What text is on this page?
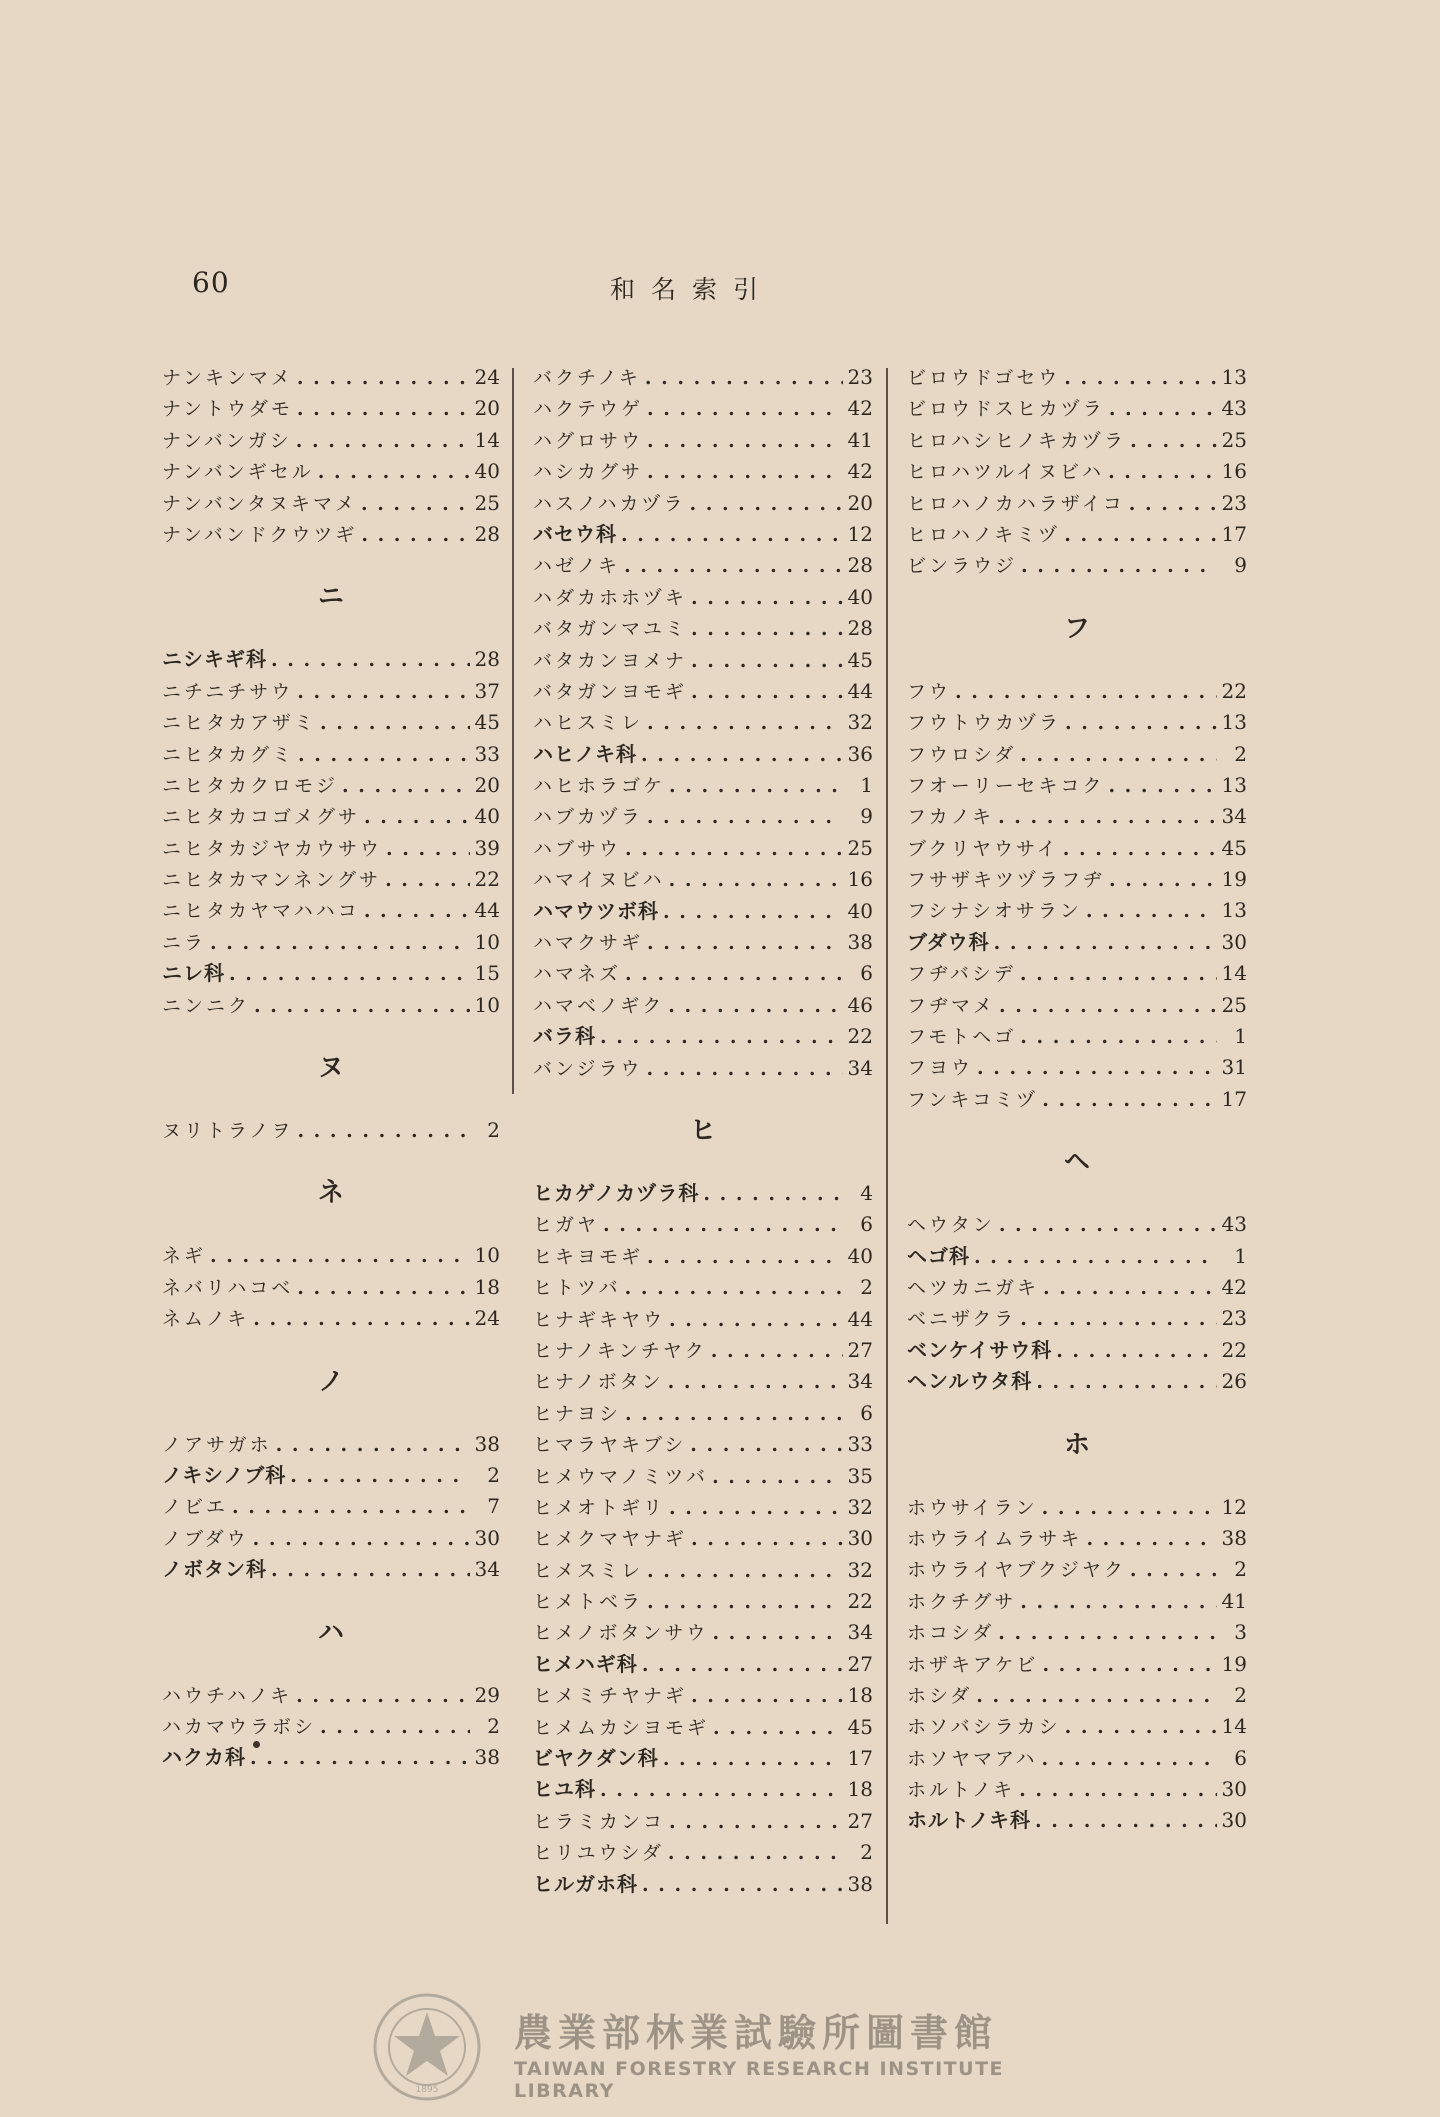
60	和名索引
ナンキンマメ . . .	24
ナントウダモ . . .	20
ナンバンガシ . . .	14
ナンバンギセル . . .	40
ナンバンタヌキマメ . . .	25
ナンバンドクウツギ . . .	28
ニ
ニシキギ科 . . .	28
ニチニチサウ . . .	37
ニヒタカアザミ . . .	45
ニヒタカグミ . . .	33
ニヒタカクロモジ . . .	20
ニヒタカコゴメグサ . . .	40
ニヒタカジヤカウサウ . . .	39
ニヒタカマンネングサ . . .	22
ニヒタカヤマハハコ . . .	44
ニラ . . .	10
ニレ科 . . .	15
ニンニク . . .	10
ヌ
ヌリトラノヲ . . .	2
ネ
ネギ . . .	10
ネバリハコベ . . .	18
ネムノキ . . .	24
ノ
ノアサガホ . . .	38
ノキシノブ科 . . .	2
ノビエ . . .	7
ノブダウ . . .	30
ノボタン科 . . .	34
ハ
ハウチハノキ . . .	29
ハカマウラボシ . . .	2
ハクカ科 . . .	38
バクチノキ . . .	23
ハクテウゲ . . .	42
ハグロサウ . . .	41
ハシカグサ . . .	42
ハスノハカヅラ . . .	20
バセウ科 . . .	12
ハゼノキ . . .	28
ハダカホホヅキ . . .	40
バタガンマユミ . . .	28
バタカンヨメナ . . .	45
バタガンヨモギ . . .	44
ハヒスミレ . . .	32
ハヒノキ科 . . .	36
ハヒホラゴケ . . .	1
ハブカヅラ . . .	9
ハブサウ . . .	25
ハマイヌビハ . . .	16
ハマウツボ科 . . .	40
ハマクサギ . . .	38
ハマネズ . . .	6
ハマベノギク . . .	46
バラ科 . . .	22
バンジラウ . . .	34
ヒ
ヒカゲノカヅラ科 . . .	4
ヒガヤ . . .	6
ヒキヨモギ . . .	40
ヒトツバ . . .	2
ヒナギキヤウ . . .	44
ヒナノキンチヤク . . .	27
ヒナノボタン . . .	34
ヒナヨシ . . .	6
ヒマラヤキブシ . . .	33
ヒメウマノミツバ . . .	35
ヒメオトギリ . . .	32
ヒメクマヤナギ . . .	30
ヒメスミレ . . .	32
ヒメトベラ . . .	22
ヒメノボタンサウ . . .	34
ヒメハギ科 . . .	27
ヒメミチヤナギ . . .	18
ヒメムカシヨモギ . . .	45
ビヤクダン科 . . .	17
ヒユ科 . . .	18
ヒラミカンコ . . .	27
ヒリユウシダ . . .	2
ヒルガホ科 . . .	38
ビロウドゴセウ . . .	13
ビロウドスヒカヅラ . . .	43
ヒロハシヒノキカヅラ . . .	25
ヒロハツルイヌビハ . . .	16
ヒロハノカハラザイコ . . .	23
ヒロハノキミヅ . . .	17
ビンラウジ . . .	9
フ
フウ . . .	22
フウトウカヅラ . . .	13
フウロシダ . . .	2
フオーリーセキコク . . .	13
フカノキ . . .	34
ブクリヤウサイ . . .	45
フサザキツヅラフヂ . . .	19
フシナシオサラン . . .	13
ブダウ科 . . .	30
フヂバシデ . . .	14
フヂマメ . . .	25
フモトヘゴ . . .	1
フヨウ . . .	31
フンキコミヅ . . .	17
ヘ
ヘウタン . . .	43
ヘゴ科 . . .	1
ヘツカニガキ . . .	42
ベニザクラ . . .	23
ベンケイサウ科 . . .	22
ヘンルウタ科 . . .	26
ホ
ホウサイラン . . .	12
ホウライムラサキ . . .	38
ホウライヤブクジヤク . . .	2
ホクチグサ . . .	41
ホコシダ . . .	3
ホザキアケビ . . .	19
ホシダ . . .	2
ホソバシラカシ . . .	14
ホソヤマアハ . . .	6
ホルトノキ . . .	30
ホルトノキ科 . . .	30
1895
農業部林業試驗所圖書館
TAIWAN FORESTRY RESEARCH INSTITUTE LIBRARY
